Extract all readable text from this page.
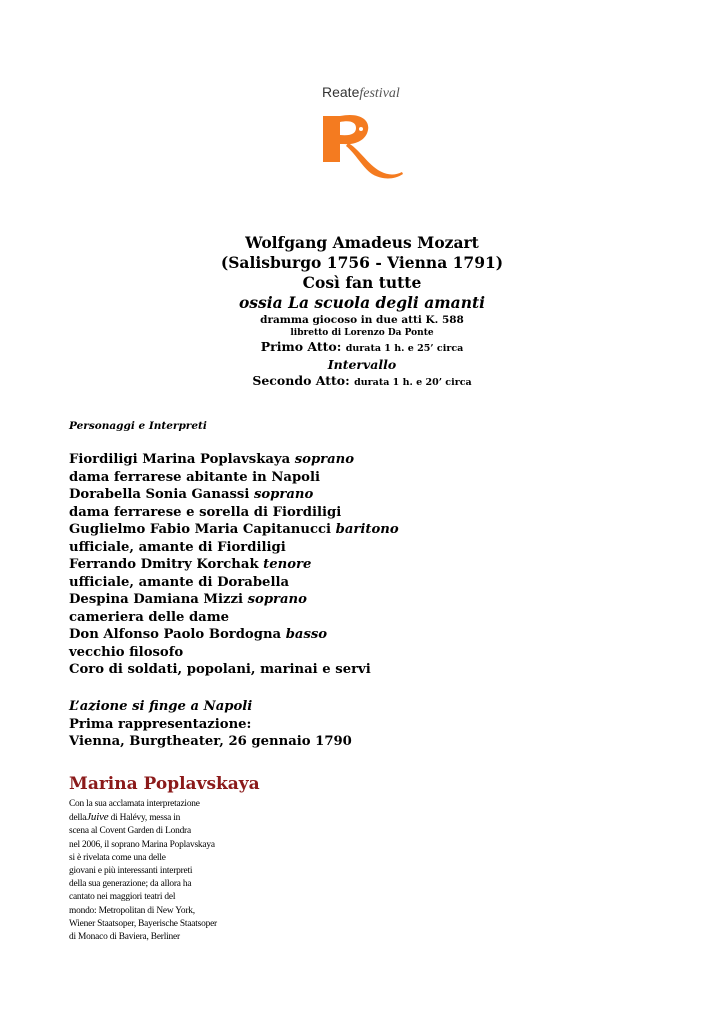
Reatefestival
Wolfgang Amadeus Mozart
(Salisburgo 1756 - Vienna 1791)
Così fan tutte
ossia La scuola degli amanti
dramma giocoso in due atti K. 588
libretto di Lorenzo Da Ponte
Primo Atto: durata 1 h. e 25’ circa
Intervallo
Secondo Atto: durata 1 h. e 20’ circa
Personaggi e Interpreti
Fiordiligi Marina Poplavskaya soprano
dama ferrarese abitante in Napoli
Dorabella Sonia Ganassi soprano
dama ferrarese e sorella di Fiordiligi
Guglielmo Fabio Maria Capitanucci baritono
ufficiale, amante di Fiordiligi
Ferrando Dmitry Korchak tenore
ufficiale, amante di Dorabella
Despina Damiana Mizzi soprano
cameriera delle dame
Don Alfonso Paolo Bordogna basso
vecchio filosofo
Coro di soldati, popolani, marinai e servi
L’azione si finge a Napoli
Prima rappresentazione:
Vienna, Burgtheater, 26 gennaio 1790
Marina Poplavskaya
Con la sua acclamata interpretazione
dellaJuive di Halévy, messa in
scena al Covent Garden di Londra
nel 2006, il soprano Marina Poplavskaya
si è rivelata come una delle
giovani e più interessanti interpreti
della sua generazione; da allora ha
cantato nei maggiori teatri del
mondo: Metropolitan di New York,
Wiener Staatsoper, Bayerische Staatsoper
di Monaco di Baviera, Berliner
